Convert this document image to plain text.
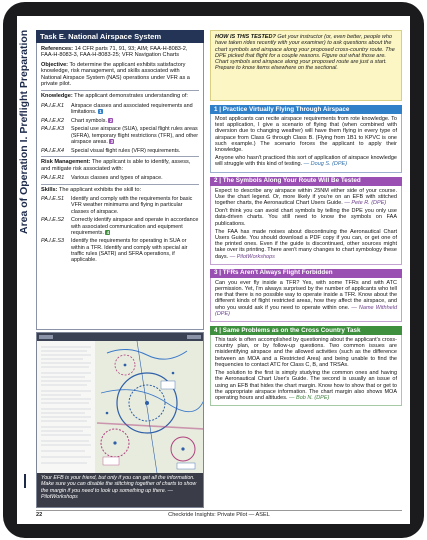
Area of Operation I. Preflight Preparation	Task E. National Airspace System
References: 14 CFR parts 71, 91, 93; AIM; FAA-H-8083-2, FAA-H-8083-3, FAA-H-8083-25; VFR Navigation Charts
Objective: To determine the applicant exhibits satisfactory knowledge, risk management, and skills associated with National Airspace System (NAS) operations under VFR as a private pilot.
Knowledge: The applicant demonstrates understanding of:
PA.I.E.K1	Airspace classes and associated requirements and limitations. 1
PA.I.E.K2	Chart symbols. 2
PA.I.E.K3	Special use airspace (SUA), special flight rules areas (SFRA), temporary flight restrictions (TFR), and other airspace areas. 3
PA.I.E.K4	Special visual flight rules (VFR) requirements.
Risk Management: The applicant is able to identify, assess, and mitigate risk associated with:
PA.I.E.R1	Various classes and types of airspace.
Skills: The applicant exhibits the skill to:
PA.I.E.S1	Identify and comply with the requirements for basic VFR weather minimums and flying in particular classes of airspace.
PA.I.E.S2	Correctly identify airspace and operate in accordance with associated communication and equipment requirements. 4
PA.I.E.S3	Identify the requirements for operating in SUA or within a TFR. Identify and comply with special air traffic rules (SATR) and SFRA operations, if applicable.
Your EFB is your friend, but only if you can get all the information. Make sure you can disable the stitching together of charts to show the margin if you need to look up something up there. —PilotWorkshops
HOW IS THIS TESTED? Get your instructor (or, even better, people who have taken rides recently with your examiner) to ask questions about the chart symbols and airspace along your proposed cross-country route. The DPE picked that flight for a couple reasons. Figure out what those are. Chart symbols and airspace along your proposed route are just a start. Prepare to know items elsewhere on the sectional.
1 | Practice Virtually Flying Through Airspace

Most applicants can recite airspace requirements from rote knowledge. To test application, I give a scenario of flying that (when combined with diversion due to changing weather) will have them flying in every type of airspace from Class G through Class B. (Flying from 1B1 to KPVC is one such example.) The scenario forces the applicant to apply their knowledge.

Anyone who hasn't practiced this sort of application of airspace knowledge will struggle with this kind of testing. — Doug S. (DPE)

2 | The Symbols Along Your Route Will Be Tested

Expect to describe any airspace within 25NM either side of your course. Use the chart legend. Or, more likely if you're on an EFB with stitched together charts, the Aeronautical Chart Users Guide. — Pete R. (DPE)

Don't think you can avoid chart symbols by telling the DPE you only use data-driven charts. You still need to know the symbols on FAA publications.

The FAA has made noises about discontinuing the Aeronautical Chart Users Guide. You should download a PDF copy if you can, or get one of the printed ones. Even if the guide is discontinued, other sources might take over its printing. There aren't many changes to chart symbology these days. — PilotWorkshops

3 | TFRs Aren't Always Flight Forbidden

Can you ever fly inside a TFR? Yes, with some TFRs and with ATC permission. Yet, I'm always surprised by the number of applicants who tell me that there is no possible way to operate inside a TFR. Know about the different kinds of flight restricted areas, how they affect the airspace, and who you would ask if you need to operate within one. — Name Withheld (DPE)

4 | Same Problems as on the Cross Country Task

This task is often accomplished by questioning about the applicant's cross-country plan, or by follow-up questions. Two common issues are misidentifying airspace and the allowed activities (such as the difference between an MOA and a Restricted Area) and being unable to find the frequencies to contact ATC for Class C, B, and TRSAs.

The solution to the first is simply studying the common ones and having the Aeronautical Chart User's Guide. The second is usually an issue of using an EFB that hides the chart margin. Know how to show that or get to the appropriate airspace information. The chart margin also shows MOA operating hours and altitudes. — Bob N. (DPE)

22	Checkride Insights: Private Pilot — ASEL
